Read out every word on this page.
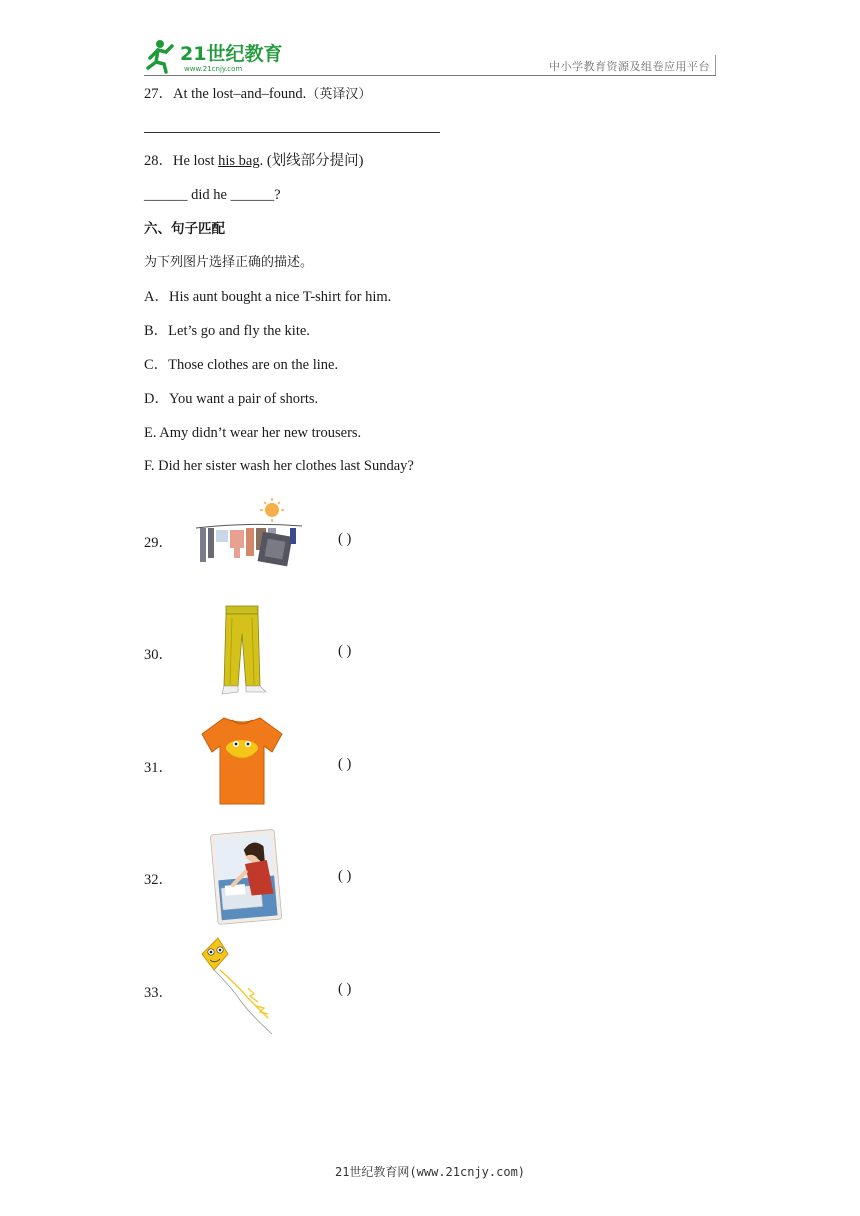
21世纪教育
www.21cnjy.com	中小学教育资源及组卷应用平台
27．At the lost–and–found.（英译汉）
28．He lost his bag. (划线部分提问)
______ did he ______?
六、句子匹配
为下列图片选择正确的描述。
A．His aunt bought a nice T-shirt for him.
B．Let’s go and fly the kite.
C．Those clothes are on the line.
D．You want a pair of shorts.
E. Amy didn’t wear her new trousers.
F. Did her sister wash her clothes last Sunday?
29．	( )
30．	( )
31．	( )
32．	( )
33．	( )
21世纪教育网(www.21cnjy.com)
